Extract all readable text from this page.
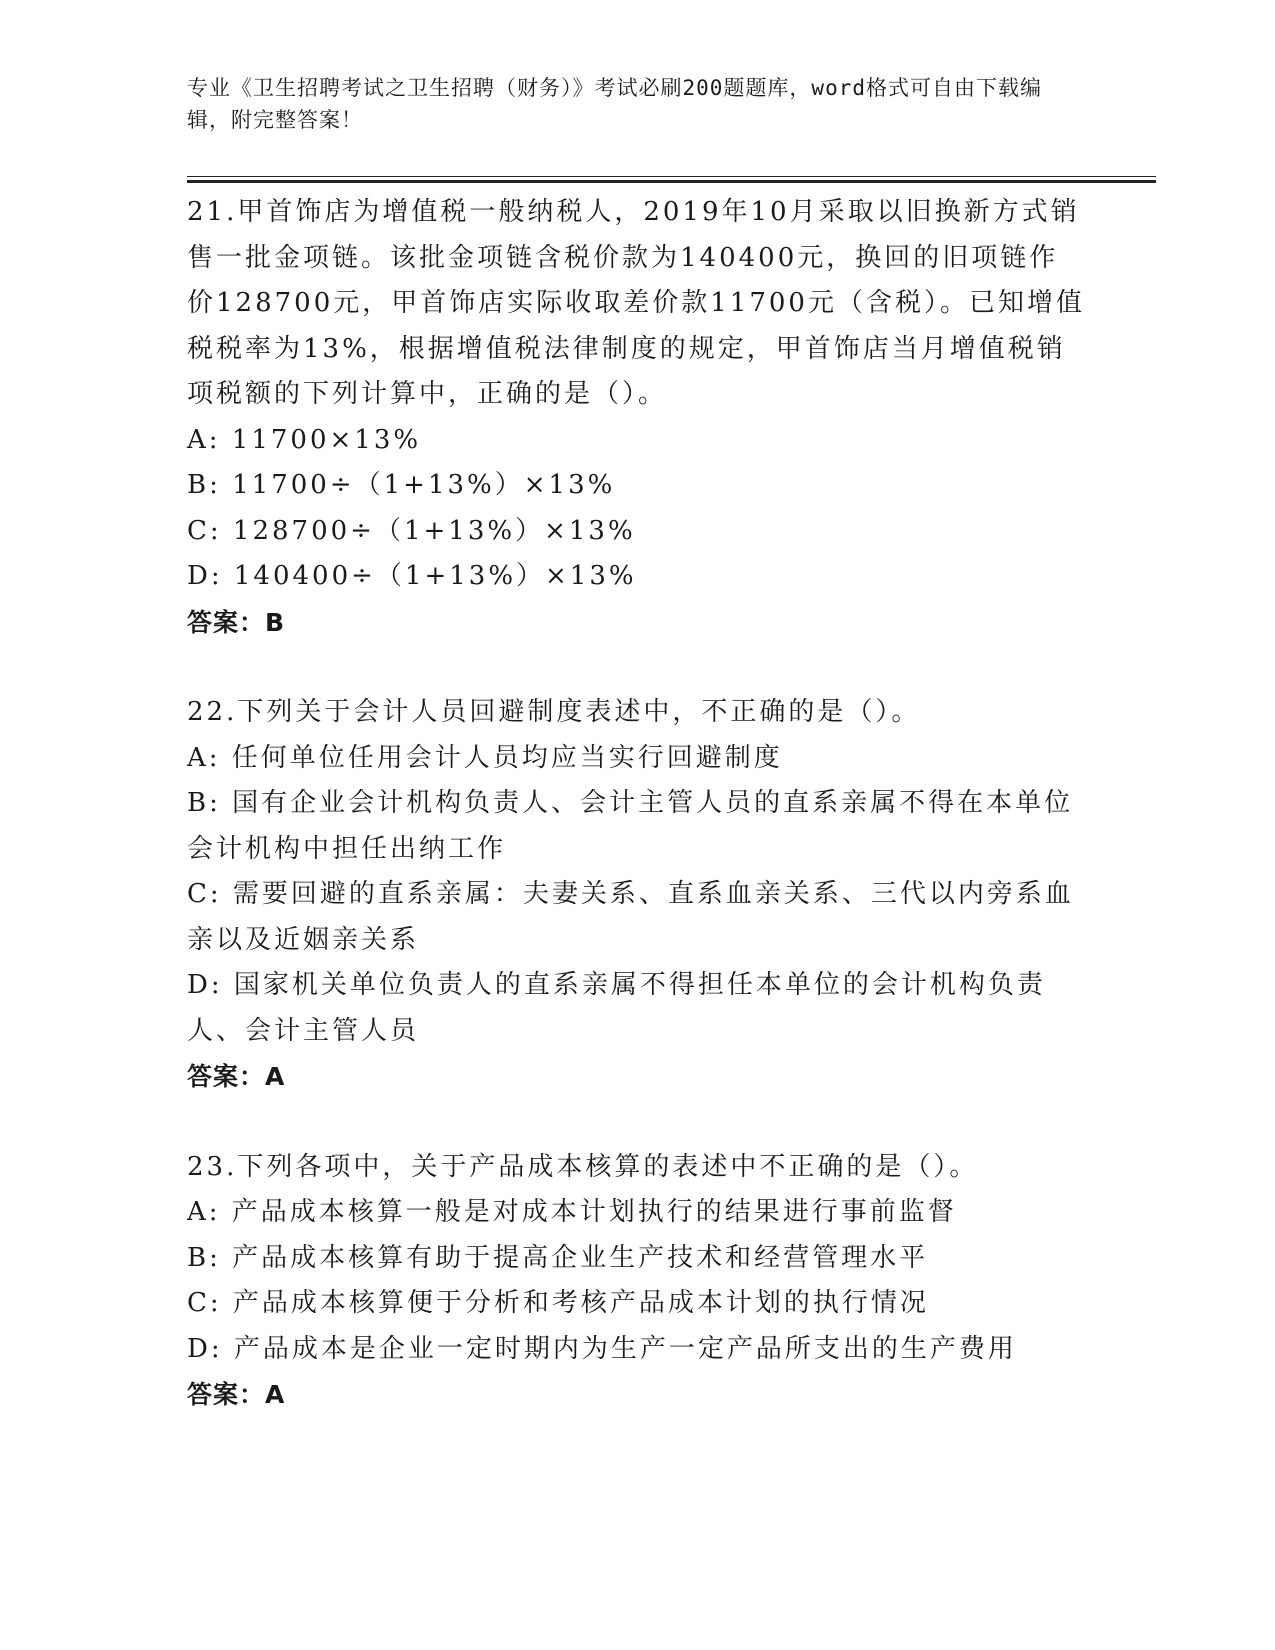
专业《卫生招聘考试之卫生招聘（财务）》考试必刷200题题库，word格式可自由下载编辑，附完整答案！
21.甲首饰店为增值税一般纳税人，2019年10月采取以旧换新方式销售一批金项链。该批金项链含税价款为140400元，换回的旧项链作价128700元，甲首饰店实际收取差价款11700元（含税）。已知增值税税率为13%，根据增值税法律制度的规定，甲首饰店当月增值税销项税额的下列计算中，正确的是（）。
A: 11700×13%
B: 11700÷（1+13%）×13%
C: 128700÷（1+13%）×13%
D: 140400÷（1+13%）×13%
答案：B
22.下列关于会计人员回避制度表述中，不正确的是（）。
A: 任何单位任用会计人员均应当实行回避制度
B: 国有企业会计机构负责人、会计主管人员的直系亲属不得在本单位会计机构中担任出纳工作
C: 需要回避的直系亲属：夫妻关系、直系血亲关系、三代以内旁系血亲以及近姻亲关系
D: 国家机关单位负责人的直系亲属不得担任本单位的会计机构负责人、会计主管人员
答案：A
23.下列各项中，关于产品成本核算的表述中不正确的是（）。
A: 产品成本核算一般是对成本计划执行的结果进行事前监督
B: 产品成本核算有助于提高企业生产技术和经营管理水平
C: 产品成本核算便于分析和考核产品成本计划的执行情况
D: 产品成本是企业一定时期内为生产一定产品所支出的生产费用
答案：A
